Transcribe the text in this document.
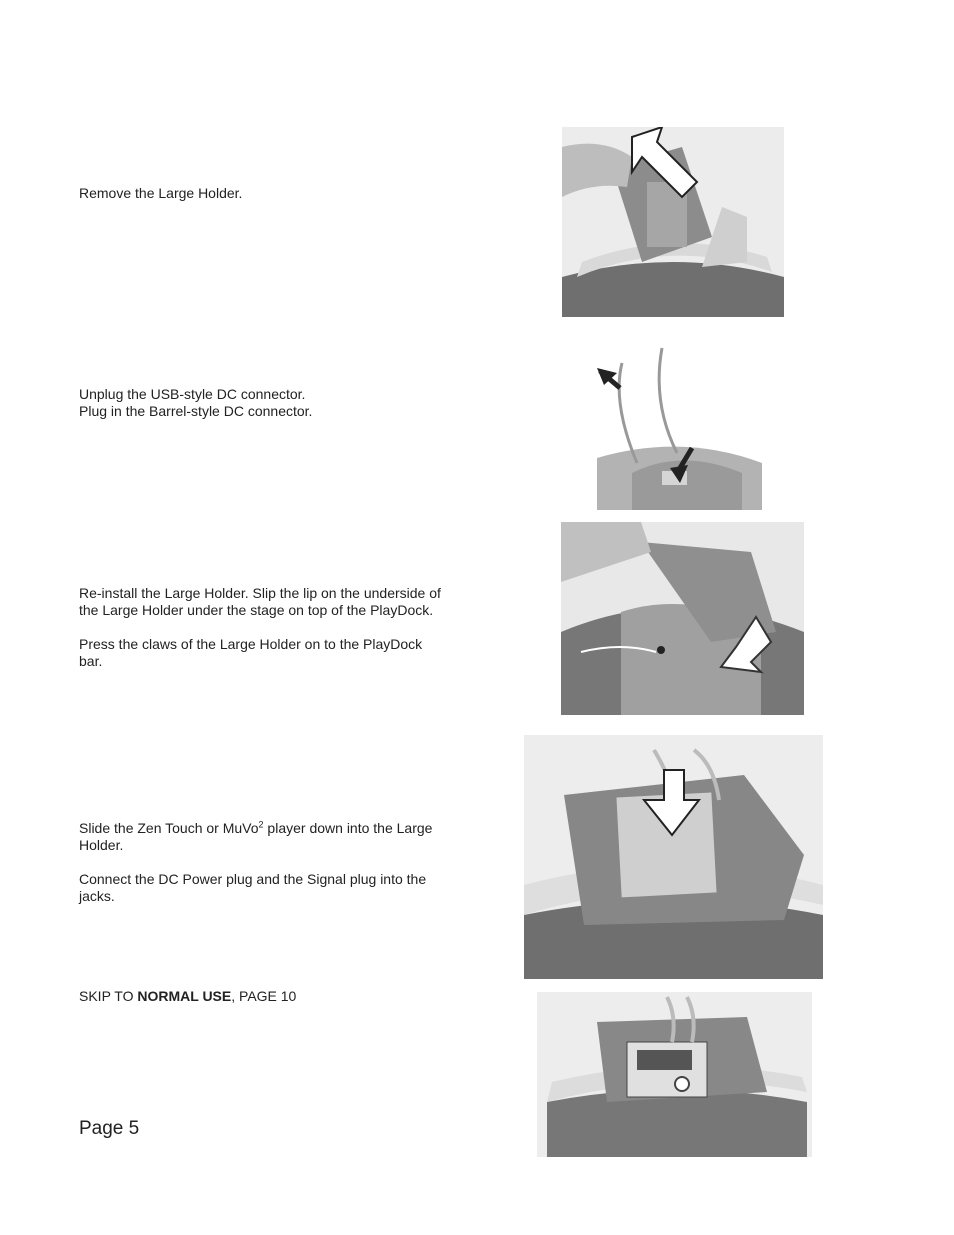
Remove the Large Holder.

Unplug the USB-style DC connector.

Plug in the Barrel-style DC connector.

Re-install the Large Holder. Slip the lip on the underside of

the Large Holder under the stage on top of the PlayDock.

Press the claws of the Large Holder on to the PlayDock

bar.

Slide the Zen Touch or MuVo$^2$ player down into the Large

Holder.

Connect the DC Power plug and the Signal plug into the

jacks.

SKIP TO NORMAL USE, PAGE 10

Page 5
